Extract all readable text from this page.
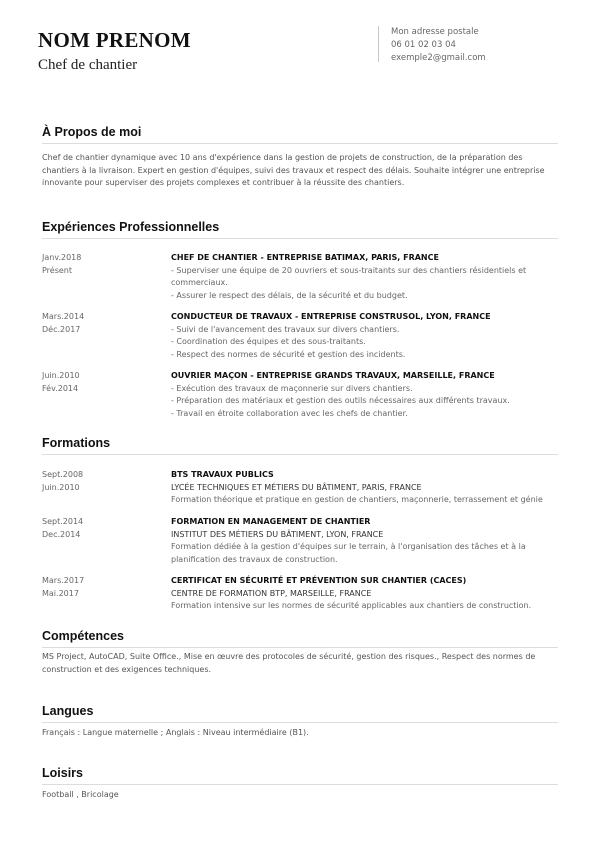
NOM PRENOM
Chef de chantier
Mon adresse postale
06 01 02 03 04
exemple2@gmail.com
À Propos de moi
Chef de chantier dynamique avec 10 ans d'expérience dans la gestion de projets de construction, de la préparation des
chantiers à la livraison. Expert en gestion d'équipes, suivi des travaux et respect des délais. Souhaite intégrer une entreprise
innovante pour superviser des projets complexes et contribuer à la réussite des chantiers.
Expériences Professionnelles
Janv.2018
Présent
CHEF DE CHANTIER - ENTREPRISE BATIMAX, PARIS, FRANCE
- Superviser une équipe de 20 ouvriers et sous-traitants sur des chantiers résidentiels et
commerciaux.
- Assurer le respect des délais, de la sécurité et du budget.
Mars.2014
Déc.2017
CONDUCTEUR DE TRAVAUX - ENTREPRISE CONSTRUSOL, LYON, FRANCE
- Suivi de l'avancement des travaux sur divers chantiers.
- Coordination des équipes et des sous-traitants.
- Respect des normes de sécurité et gestion des incidents.
Juin.2010
Fév.2014
OUVRIER MAÇON - ENTREPRISE GRANDS TRAVAUX, MARSEILLE, FRANCE
- Exécution des travaux de maçonnerie sur divers chantiers.
- Préparation des matériaux et gestion des outils nécessaires aux différents travaux.
- Travail en étroite collaboration avec les chefs de chantier.
Formations
Sept.2008
Juin.2010
BTS TRAVAUX PUBLICS
LYCÉE TECHNIQUES ET MÉTIERS DU BÂTIMENT, PARIS, FRANCE
Formation théorique et pratique en gestion de chantiers, maçonnerie, terrassement et génie
Sept.2014
Dec.2014
FORMATION EN MANAGEMENT DE CHANTIER
INSTITUT DES MÉTIERS DU BÂTIMENT, LYON, FRANCE
Formation dédiée à la gestion d'équipes sur le terrain, à l'organisation des tâches et à la
planification des travaux de construction.
Mars.2017
Mai.2017
CERTIFICAT EN SÉCURITÉ ET PRÉVENTION SUR CHANTIER (CACES)
CENTRE DE FORMATION BTP, MARSEILLE, FRANCE
Formation intensive sur les normes de sécurité applicables aux chantiers de construction.
Compétences
MS Project, AutoCAD, Suite Office., Mise en œuvre des protocoles de sécurité, gestion des risques., Respect des normes de
construction et des exigences techniques.
Langues
Français : Langue maternelle ; Anglais : Niveau intermédiaire (B1).
Loisirs
Football , Bricolage
